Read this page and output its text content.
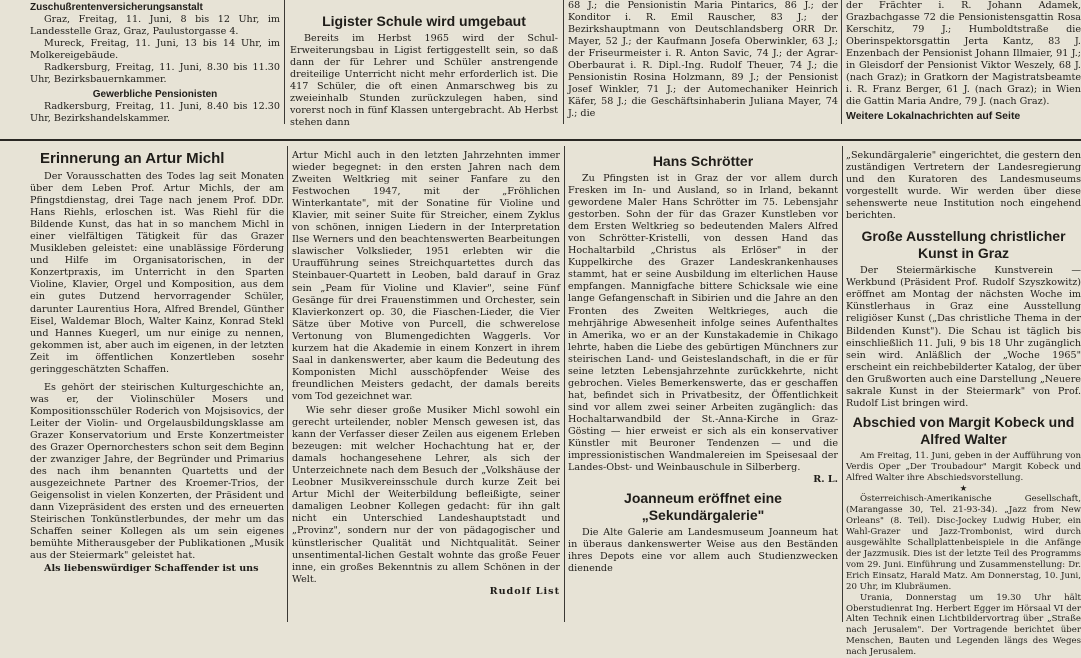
Zuschußrentenversicherungsanstalt

Graz, Freitag, 11. Juni, 8 bis 12 Uhr, im Landesstelle Graz, Graz, Paulustorgasse 4.

Mureck, Freitag, 11. Juni, 13 bis 14 Uhr, im Molkereigebäude.

Radkersburg, Freitag, 11. Juni, 8.30 bis 11.30 Uhr, Bezirksbauernkammer.

Gewerbliche Pensionisten

Radkersburg, Freitag, 11. Juni, 8.40 bis 12.30 Uhr, Bezirkshandelskammer.

Ligister Schule wird umgebaut

Bereits im Herbst 1965 wird der Schul-Erweiterungsbau in Ligist fertiggestellt sein, so daß dann der für Lehrer und Schüler anstrengende dreiteilige Unterricht nicht mehr erforderlich ist. Die 417 Schüler, die oft einen Anmarschweg bis zu zweieinhalb Stunden zurückzulegen haben, sind vorerst noch in fünf Klassen untergebracht. Ab Herbst stehen dann

68 J.; die Pensionistin Maria Pintarics, 86 J.; der Konditor i. R. Emil Rauscher, 83 J.; der Bezirkshauptmann von Deutschlandsberg ORR Dr. Mayer, 52 J.; der Kaufmann Josefa Oberwinkler, 63 J.; der Friseurmeister i. R. Anton Savic, 74 J.; der Agrar-Oberbaurat i. R. Dipl.-Ing. Rudolf Theuer, 74 J.; die Pensionistin Rosina Holzmann, 89 J.; der Pensionist Josef Winkler, 71 J.; der Automechaniker Heinrich Käfer, 58 J.; die Geschäftsinhaberin Juliana Mayer, 74 J.; die

der Frächter i. R. Johann Adamek, Grazbachgasse 72 die Pensionistensgattin Rosa Kerschitz, 79 J.; Humboldtstraße die Oberinspektorsgattin Jerta Kantz, 83 J. Enzenbach der Pensionist Johann Illmaier, 91 J.; in Gleisdorf der Pensionist Viktor Weszely, 68 J. (nach Graz); in Gratkorn der Magistratsbeamte i. R. Franz Berger, 61 J. (nach Graz); in Wien die Gattin Maria Andre, 79 J. (nach Graz).

Weitere Lokalnachrichten auf Seite
Erinnerung an Artur Michl

Der Vorausschatten des Todes lag seit Monaten über dem Leben Prof. Artur Michls, der am Pfingstdienstag, drei Tage nach jenem Prof. DDr. Hans Riehls, erloschen ist. Was Riehl für die Bildende Kunst, das hat in so manchem Michl in einer vielfältigen Tätigkeit für das Grazer Musikleben geleistet: eine unablässige Förderung und Hilfe im Organisatorischen, in der Konzertpraxis, im Unterricht in den Sparten Violine, Klavier, Orgel und Komposition, aus dem ein gutes Dutzend hervorragender Schüler, darunter Laurentius Hora, Alfred Brendel, Günther Eisel, Waldemar Bloch, Walter Kainz, Konrad Stekl und Hannes Kuegerl, um nur einige zu nennen, gekommen ist, aber auch im eigenen, in der letzten Zeit im öffentlichen Konzertleben sosehr geringgeschätzten Schaffen.

Es gehört der steirischen Kulturgeschichte an, was er, der Violinschüler Mosers und Kompositionsschüler Roderich von Mojsisovics, der Leiter der Violin- und Orgelausbildungsklasse am Grazer Konservatorium und Erste Konzertmeister des Grazer Opernorchesters schon seit dem Beginn der zwanziger Jahre, der Begründer und Primarius des nach ihm benannten Quartetts und der ausgezeichnete Partner des Kroemer-Trios, der Geigensolist in vielen Konzerten, der Präsident und dann Vizepräsident des ersten und des erneuerten Steirischen Tonkünstlerbundes, der mehr um das Schaffen seiner Kollegen als um sein eigenes bemühte Mitherausgeber der Publikationen „Musik aus der Steiermark" geleistet hat.

Als liebenswürdiger Schaffender ist uns

Artur Michl auch in den letzten Jahrzehnten immer wieder begegnet: in den ersten Jahren nach dem Zweiten Weltkrieg mit seiner Fanfare zu den Festwochen 1947, mit der „Fröhlichen Winterkantate", mit der Sonatine für Violine und Klavier, mit seiner Suite für Streicher, einem Zyklus von schönen, innigen Liedern in der Interpretation Ilse Werners und den beachtenswerten Bearbeitungen slawischer Volkslieder, 1951 erlebten wir die Uraufführung seines Streichquartettes durch das Steinbauer-Quartett in Leoben, bald darauf in Graz sein „Peam für Violine und Klavier", seine Fünf Gesänge für drei Frauenstimmen und Orchester, sein Klavierkonzert op. 30, die Fiaschen-Lieder, die Vier Sätze über Motive von Purcell, die schwerelose Vertonung von Blumengedichten Waggerls. Vor kurzem hat die Akademie in einem Konzert in ihrem Saal in dankenswerter, aber kaum die Bedeutung des Komponisten Michl ausschöpfender Weise des freundlichen Meisters gedacht, der damals bereits vom Tod gezeichnet war.

Wie sehr dieser große Musiker Michl sowohl ein gerecht urteilender, nobler Mensch gewesen ist, das kann der Verfasser dieser Zeilen aus eigenem Erleben bezeugen: mit welcher Hochachtung hat er, der damals hochangesehene Lehrer, als sich der Unterzeichnete nach dem Besuch der „Volkshäuse der Leobner Musikvereinsschule durch kurze Zeit bei Artur Michl der Weiterbildung befleißigte, seiner damaligen Leobner Kollegen gedacht: für ihn galt nicht ein Unterschied Landeshauptstadt und „Provinz", sondern nur der von pädagogischer und künstlerischer Qualität und Nichtqualität. Seiner unsentimental-lichen Gestalt wohnte das große Feuer inne, ein großes Bekenntnis zu allem Schönen in der Welt.

Rudolf List

Hans Schrötter

Zu Pfingsten ist in Graz der vor allem durch Fresken im In- und Ausland, so in Irland, bekannt gewordene Maler Hans Schrötter im 75. Lebensjahr gestorben. Sohn der für das Grazer Kunstleben vor dem Ersten Weltkrieg so bedeutenden Malers Alfred von Schrötter-Kristelli, von dessen Hand das Hochaltarbild „Christus als Erlöser" in der Kuppelkirche des Grazer Landeskrankenhauses stammt, hat er seine Ausbildung im elterlichen Hause empfangen. Mannigfache bittere Schicksale wie eine lange Gefangenschaft in Sibirien und die Jahre an den Fronten des Zweiten Weltkrieges, auch die mehrjährige Abwesenheit infolge seines Aufenthaltes in Amerika, wo er an der Kunstakademie in Chikago lehrte, haben die Liebe des gebürtigen Münchners zur steirischen Land- und Geisteslandschaft, in die er für seine letzten Lebensjahrzehnte zurückkehrte, nicht gebrochen. Vieles Bemerkenswerte, das er geschaffen hat, befindet sich in Privatbesitz, der Öffentlichkeit sind vor allem zwei seiner Arbeiten zugänglich: das Hochaltarwandbild der St.-Anna-Kirche in Graz-Gösting — hier erweist er sich als ein konservativer Künstler mit Beuroner Tendenzen — und die impressionistischen Wandmalereien im Speisesaal der Landes-Obst- und Weinbauschule in Silberberg.

R. L.

Joanneum eröffnet eine „Sekundärgalerie"

Die Alte Galerie am Landesmuseum Joanneum hat in überaus dankenswerter Weise aus den Beständen ihres Depots eine vor allem auch Studienzwecken dienende

„Sekundärgalerie" eingerichtet, die gestern den zuständigen Vertretern der Landesregierung und den Kuratoren des Landesmuseums vorgestellt wurde. Wir werden über diese sehenswerte neue Institution noch eingehend berichten.

Große Ausstellung christlicher Kunst in Graz

Der Steiermärkische Kunstverein — Werkbund (Präsident Prof. Rudolf Szyszkowitz) eröffnet am Montag der nächsten Woche im Künstlerhaus in Graz eine Ausstellung religiöser Kunst („Das christliche Thema in der Bildenden Kunst"). Die Schau ist täglich bis einschließlich 11. Juli, 9 bis 18 Uhr zugänglich sein wird. Anläßlich der „Woche 1965" erscheint ein reichbebilderter Katalog, der über den Grußworten auch eine Darstellung „Neuere sakrale Kunst in der Steiermark" von Prof. Rudolf List bringen wird.

Abschied von Margit Kobeck und Alfred Walter

Am Freitag, 11. Juni, geben in der Aufführung von Verdis Oper „Der Troubadour" Margit Kobeck und Alfred Walter ihre Abschiedsvorstellung.

★

Österreichisch-Amerikanische Gesellschaft, (Marangasse 30, Tel. 21-93-34). „Jazz from New Orleans" (8. Teil). Disc-Jockey Ludwig Huber, ein Wahl-Grazer und Jazz-Trombonist, wird durch ausgewählte Schallplattenbeispiele in die Anfänge der Jazzmusik. Dies ist der letzte Teil des Programms vom 29. Juni. Einführung und Zusammenstellung: Dr. Erich Einsatz, Harald Matz. Am Donnerstag, 10. Juni, 20 Uhr, im Klubräumen.

Urania, Donnerstag um 19.30 Uhr hält Oberstudienrat Ing. Herbert Egger im Hörsaal VI der Alten Technik einen Lichtbildervortrag über „Straße nach Jerusalem". Der Vortragende berichtet über Menschen, Bauten und Legenden längs des Weges nach Jerusalem.
